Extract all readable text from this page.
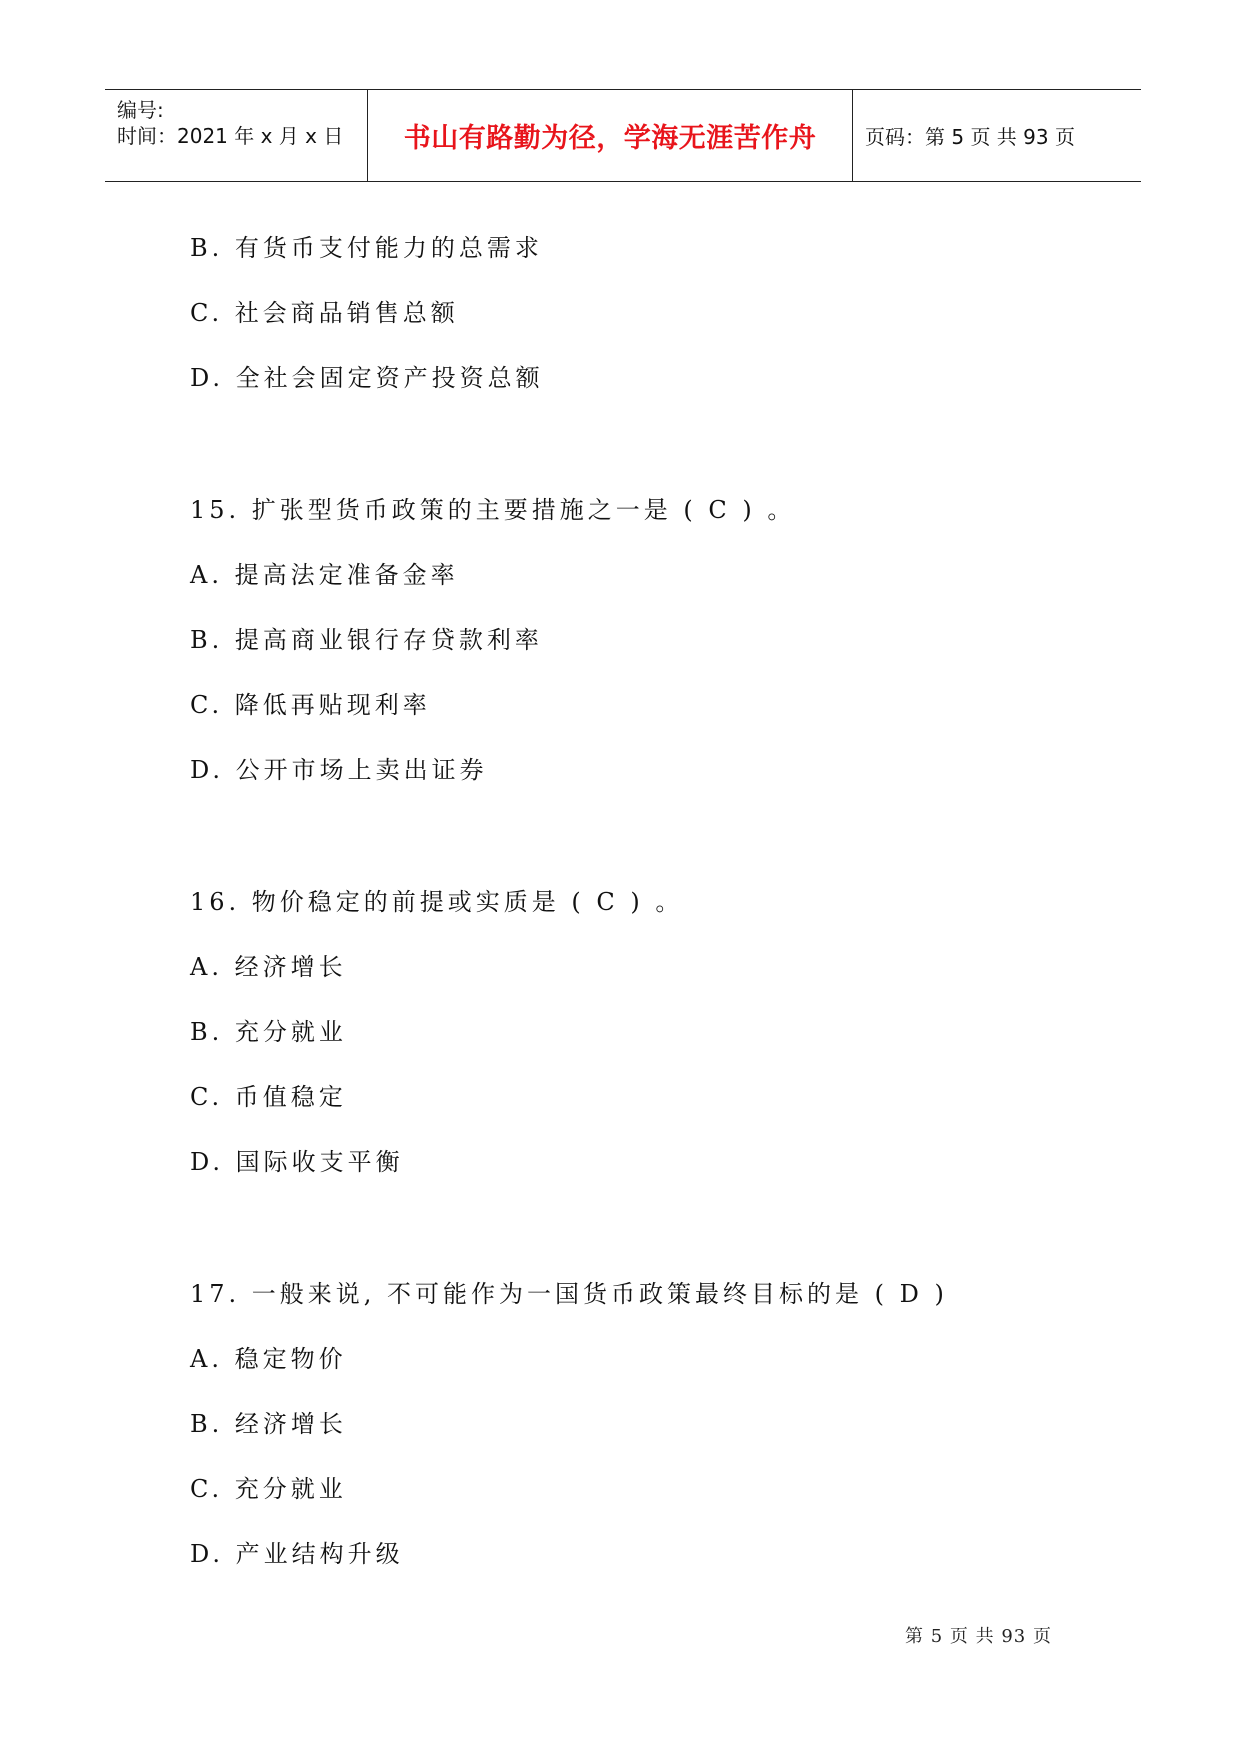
编号:
时间：2021 年 x 月 x 日 书山有路勤为径，学海无涯苦作舟 页码：第 5 页 共 93 页
B. 有货币支付能力的总需求
C. 社会商品销售总额
D. 全社会固定资产投资总额
15. 扩张型货币政策的主要措施之一是 ( C ) 。
A. 提高法定准备金率
B. 提高商业银行存贷款利率
C. 降低再贴现利率
D. 公开市场上卖出证券
16. 物价稳定的前提或实质是 ( C ) 。
A. 经济增长
B. 充分就业
C. 币值稳定
D. 国际收支平衡
17. 一般来说, 不可能作为一国货币政策最终目标的是 ( D )
A. 稳定物价
B. 经济增长
C. 充分就业
D. 产业结构升级
第 5 页 共 93 页
